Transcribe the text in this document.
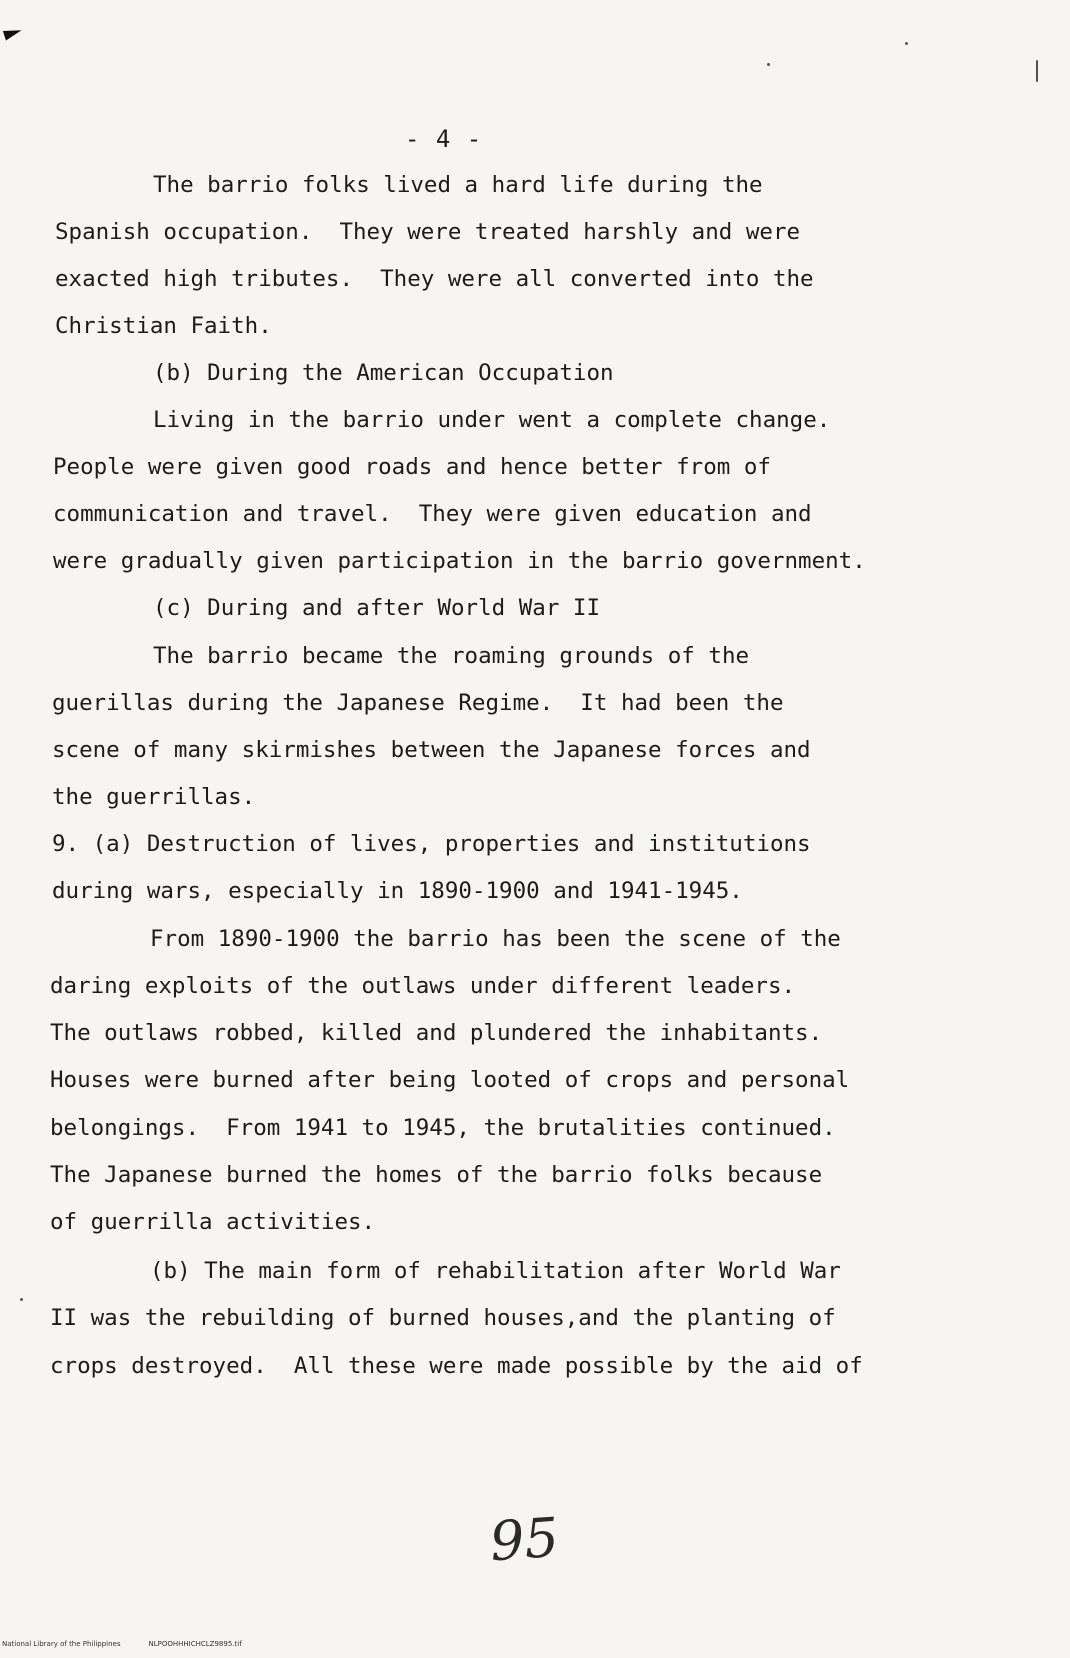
- 4 -
The barrio folks lived a hard life during the
Spanish occupation.  They were treated harshly and were
exacted high tributes.  They were all converted into the
Christian Faith.
(b) During the American Occupation
Living in the barrio under went a complete change.
People were given good roads and hence better from of
communication and travel.  They were given education and
were gradually given participation in the barrio government.
(c) During and after World War II
The barrio became the roaming grounds of the
guerillas during the Japanese Regime.  It had been the
scene of many skirmishes between the Japanese forces and
the guerrillas.
9. (a) Destruction of lives, properties and institutions
during wars, especially in 1890-1900 and 1941-1945.
From 1890-1900 the barrio has been the scene of the
daring exploits of the outlaws under different leaders.
The outlaws robbed, killed and plundered the inhabitants.
Houses were burned after being looted of crops and personal
belongings.  From 1941 to 1945, the brutalities continued.
The Japanese burned the homes of the barrio folks because
of guerrilla activities.
(b) The main form of rehabilitation after World War
II was the rebuilding of burned houses,and the planting of
crops destroyed.  All these were made possible by the aid of
95
National Library of the Philippines	NLPOOHHHICHCLZ9895.tif
